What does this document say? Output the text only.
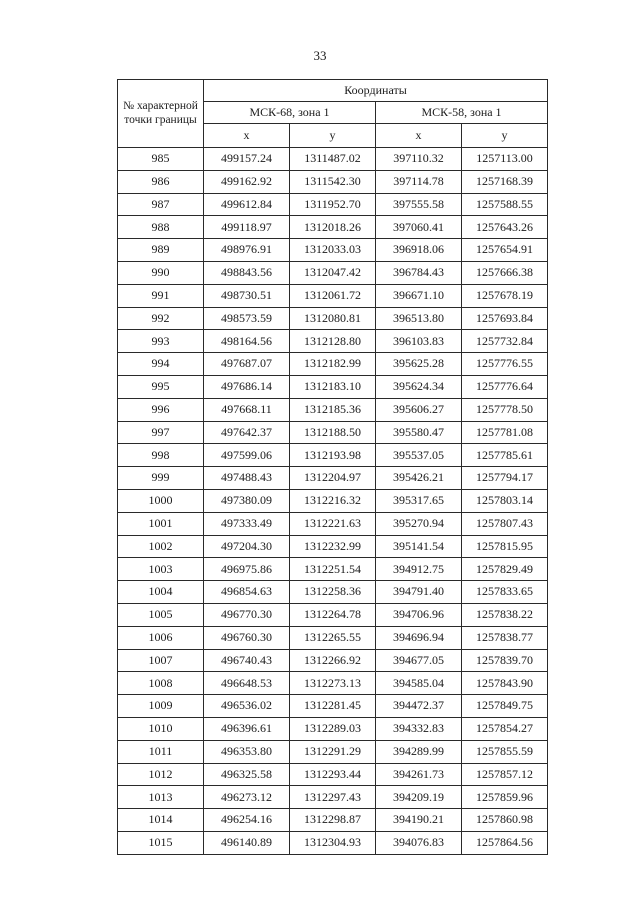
33
№ характерной точки границы	Координаты			
	МСК-68, зона 1		МСК-58, зона 1	
	x	y	x	y
985	499157.24	1311487.02	397110.32	1257113.00
986	499162.92	1311542.30	397114.78	1257168.39
987	499612.84	1311952.70	397555.58	1257588.55
988	499118.97	1312018.26	397060.41	1257643.26
989	498976.91	1312033.03	396918.06	1257654.91
990	498843.56	1312047.42	396784.43	1257666.38
991	498730.51	1312061.72	396671.10	1257678.19
992	498573.59	1312080.81	396513.80	1257693.84
993	498164.56	1312128.80	396103.83	1257732.84
994	497687.07	1312182.99	395625.28	1257776.55
995	497686.14	1312183.10	395624.34	1257776.64
996	497668.11	1312185.36	395606.27	1257778.50
997	497642.37	1312188.50	395580.47	1257781.08
998	497599.06	1312193.98	395537.05	1257785.61
999	497488.43	1312204.97	395426.21	1257794.17
1000	497380.09	1312216.32	395317.65	1257803.14
1001	497333.49	1312221.63	395270.94	1257807.43
1002	497204.30	1312232.99	395141.54	1257815.95
1003	496975.86	1312251.54	394912.75	1257829.49
1004	496854.63	1312258.36	394791.40	1257833.65
1005	496770.30	1312264.78	394706.96	1257838.22
1006	496760.30	1312265.55	394696.94	1257838.77
1007	496740.43	1312266.92	394677.05	1257839.70
1008	496648.53	1312273.13	394585.04	1257843.90
1009	496536.02	1312281.45	394472.37	1257849.75
1010	496396.61	1312289.03	394332.83	1257854.27
1011	496353.80	1312291.29	394289.99	1257855.59
1012	496325.58	1312293.44	394261.73	1257857.12
1013	496273.12	1312297.43	394209.19	1257859.96
1014	496254.16	1312298.87	394190.21	1257860.98
1015	496140.89	1312304.93	394076.83	1257864.56
